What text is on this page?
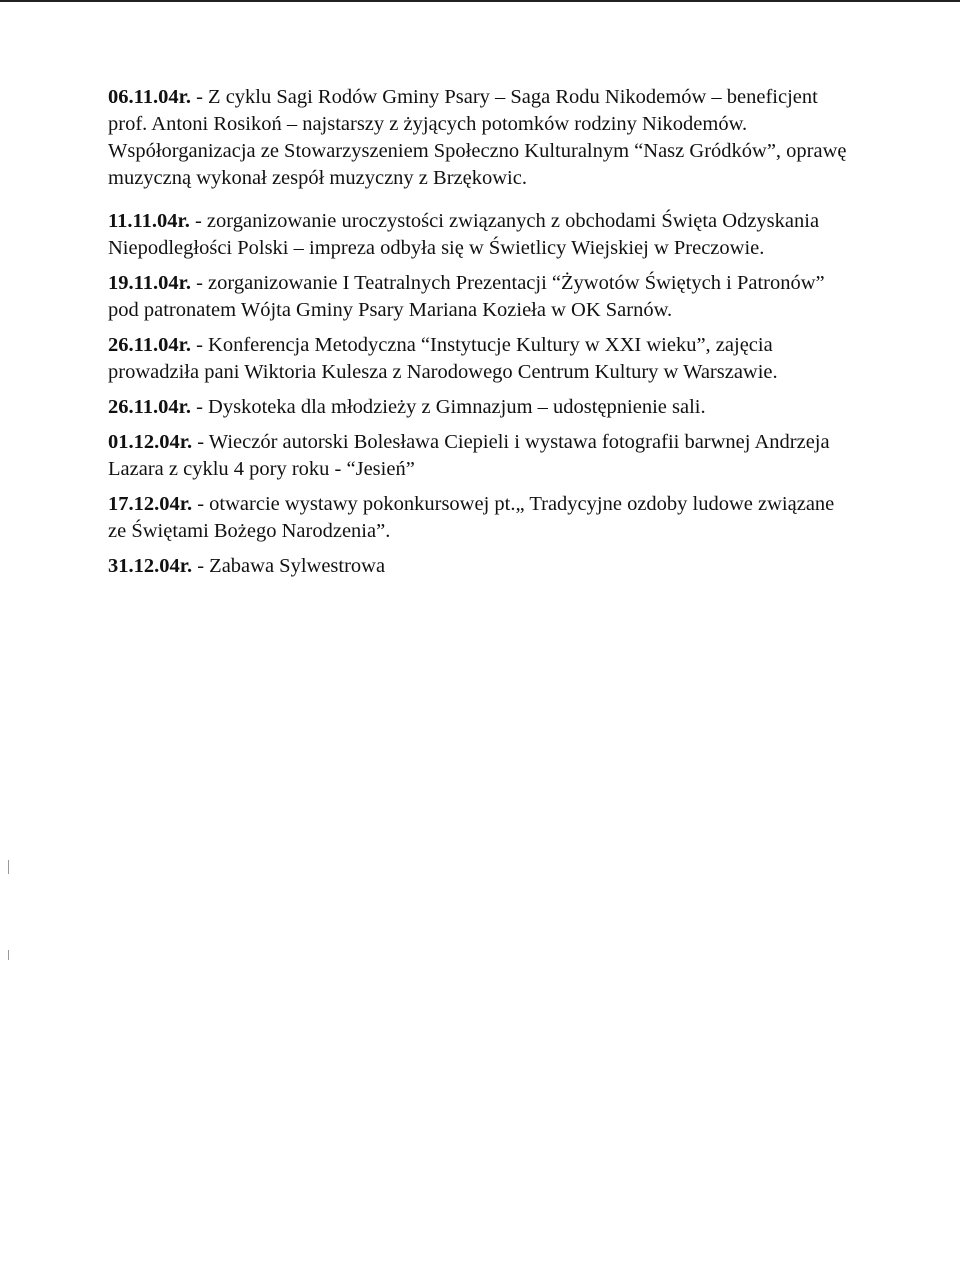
06.11.04r. - Z cyklu Sagi Rodów Gminy Psary – Saga Rodu Nikodemów – beneficjent prof. Antoni Rosikoń – najstarszy z żyjących potomków rodziny Nikodemów. Współorganizacja ze Stowarzyszeniem Społeczno Kulturalnym “Nasz Gródków”, oprawę muzyczną wykonał zespół muzyczny z Brzękowic.

11.11.04r. - zorganizowanie uroczystości związanych z obchodami Święta Odzyskania Niepodległości Polski – impreza odbyła się w Świetlicy Wiejskiej w Preczowie.

19.11.04r. - zorganizowanie I Teatralnych Prezentacji “Żywotów Świętych i Patronów” pod patronatem Wójta Gminy Psary Mariana Kozieła w OK Sarnów.

26.11.04r. - Konferencja Metodyczna “Instytucje Kultury w XXI wieku”, zajęcia prowadziła pani Wiktoria Kulesza z Narodowego Centrum Kultury w Warszawie.

26.11.04r. - Dyskoteka dla młodzieży z Gimnazjum – udostępnienie sali.

01.12.04r. - Wieczór autorski Bolesława Ciepieli i wystawa fotografii barwnej Andrzeja Lazara z cyklu 4 pory roku - “Jesień”

17.12.04r. - otwarcie wystawy pokonkursowej pt.„ Tradycyjne ozdoby ludowe związane ze Świętami Bożego Narodzenia”.

31.12.04r. - Zabawa Sylwestrowa
